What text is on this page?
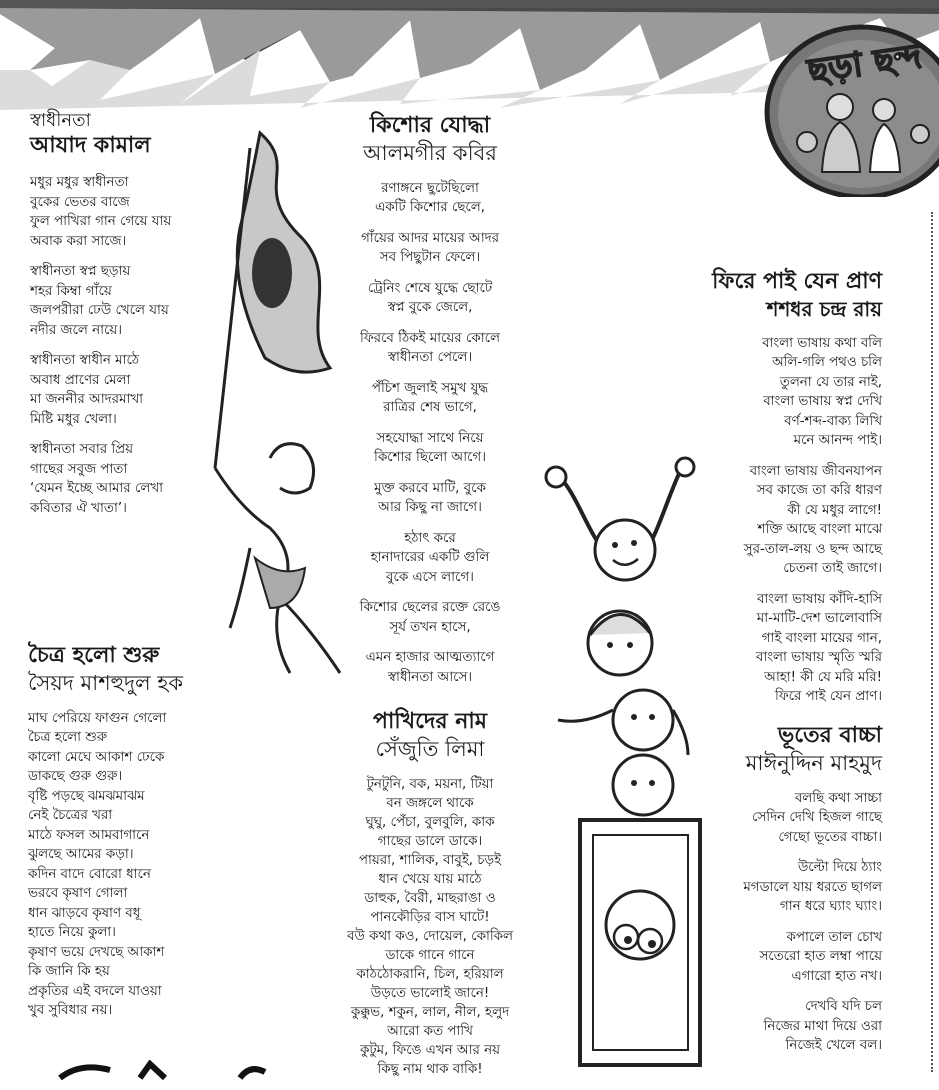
ছড়া ছন্দ
স্বাধীনতা
আযাদ কামাল
মধুর মধুর স্বাধীনতা
বুকের ভেতর বাজে
ফুল পাখিরা গান গেয়ে যায়
অবাক করা সাজে।
স্বাধীনতা স্বপ্ন ছড়ায়
শহর কিম্বা গাঁয়ে
জলপরীরা ঢেউ খেলে যায়
নদীর জলে নায়ে।
স্বাধীনতা স্বাধীন মাঠে
অবাধ প্রাণের মেলা
মা জননীর আদরমাখা
মিষ্টি মধুর খেলা।
স্বাধীনতা সবার প্রিয়
গাছের সবুজ পাতা
‘যেমন ইচ্ছে আমার লেখা
কবিতার ঐ খাতা’।
চৈত্র হলো শুরু
সৈয়দ মাশহুদুল হক
মাঘ পেরিয়ে ফাগুন গেলো
চৈত্র হলো শুরু
কালো মেঘে আকাশ ঢেকে
ডাকছে গুরু গুরু।
বৃষ্টি পড়ছে ঝমঝমাঝম
নেই চৈত্রের খরা
মাঠে ফসল আমবাগানে
ঝুলছে আমের কড়া।
কদিন বাদে বোরো ধানে
ভরবে কৃষাণ গোলা
ধান ঝাড়বে কৃষাণ বধূ
হাতে নিয়ে কুলা।
কৃষাণ ভয়ে দেখছে আকাশ
কি জানি কি হয়
প্রকৃতির এই বদলে যাওয়া
খুব সুবিধার নয়।
কিশোর যোদ্ধা
আলমগীর কবির
রণাঙ্গনে ছুটেছিলো
একটি কিশোর ছেলে,
গাঁয়ের আদর মায়ের আদর
সব পিছুটান ফেলে।
ট্রেনিং শেষে যুদ্ধে ছোটে
স্বপ্ন বুকে জেলে,
ফিরবে ঠিকই মায়ের কোলে
স্বাধীনতা পেলে।
পঁচিশ জুলাই সমুখ যুদ্ধ
রাত্রির শেষ ভাগে,
সহযোদ্ধা সাথে নিয়ে
কিশোর ছিলো আগে।
মুক্ত করবে মাটি, বুকে
আর কিছু না জাগে।
হঠাৎ করে
হানাদারের একটি গুলি
বুকে এসে লাগে।
কিশোর ছেলের রক্তে রেঙে
সূর্য তখন হাসে,
এমন হাজার আত্মত্যাগে
স্বাধীনতা আসে।
পাখিদের নাম
সেঁজুতি লিমা
টুনটুনি, বক, ময়না, টিয়া
বন জঙ্গলে থাকে
ঘুঘু, পেঁচা, বুলবুলি, কাক
গাছের ডালে ডাকে।
পায়রা, শালিক, বাবুই, চড়ই
ধান খেয়ে যায় মাঠে
ডাহুক, বৈরী, মাছরাঙা ও
পানকৌড়ির বাস ঘাটে!
বউ কথা কও, দোয়েল, কোকিল
ডাকে গানে গানে
কাঠঠোকরানি, চিল, হরিয়াল
উড়তে ভালোই জানে!
কুক্কুভ, শকুন, লাল, নীল, হলুদ
আরো কত পাখি
কুটুম, ফিঙে এখন আর নয়
কিছু নাম থাক বাকি!
ফিরে পাই যেন প্রাণ
শশধর চন্দ্র রায়
বাংলা ভাষায় কথা বলি
অলি-গলি পথও চলি
তুলনা যে তার নাই,
বাংলা ভাষায় স্বপ্ন দেখি
বর্ণ-শব্দ-বাক্য লিখি
মনে আনন্দ পাই।
বাংলা ভাষায় জীবনযাপন
সব কাজে তা করি ধারণ
কী যে মধুর লাগে!
শক্তি আছে বাংলা মাঝে
সুর-তাল-লয় ও ছন্দ আছে
চেতনা তাই জাগে।
বাংলা ভাষায় কাঁদি-হাসি
মা-মাটি-দেশ ভালোবাসি
গাই বাংলা মায়ের গান,
বাংলা ভাষায় স্মৃতি স্মরি
আহা! কী যে মরি মরি!
ফিরে পাই যেন প্রাণ।
ভূতের বাচ্চা
মাঈনুদ্দিন মাহমুদ
বলছি কথা সাচ্চা
সেদিন দেখি হিজল গাছে
গেছো ভূতের বাচ্চা।
উল্টো দিয়ে ঠ্যাং
মগডালে যায় ধরতে ছাগল
গান ধরে ঘ্যাং ঘ্যাং।
কপালে তাল চোখ
সতেরো হাত লম্বা পায়ে
এগারো হাত নখ।
দেখবি যদি চল
নিজের মাথা দিয়ে ওরা
নিজেই খেলে বল।
